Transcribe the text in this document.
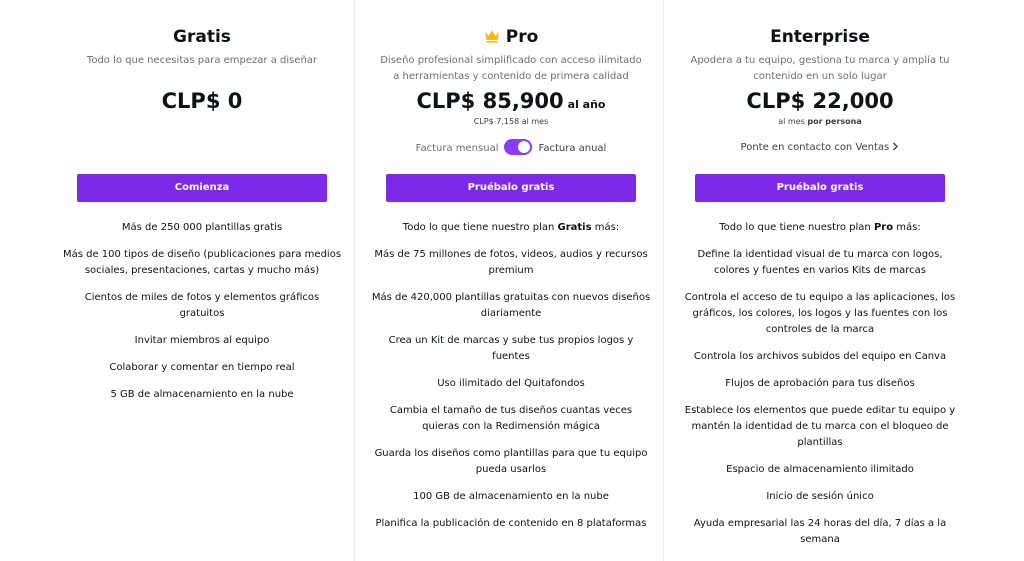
Gratis
Todo lo que necesitas para empezar a diseñar
CLP$ 0
Comienza
Más de 250 000 plantillas gratis
Más de 100 tipos de diseño (publicaciones para medios sociales, presentaciones, cartas y mucho más)
Cientos de miles de fotos y elementos gráficos gratuitos
Invitar miembros al equipo
Colaborar y comentar en tiempo real
5 GB de almacenamiento en la nube
Pro
Diseño profesional simplificado con acceso ilimitado a herramientas y contenido de primera calidad
CLP$ 85,900 al año
CLP$ 7,158 al mes
Factura mensual	Factura anual
Pruébalo gratis
Todo lo que tiene nuestro plan Gratis más:
Más de 75 millones de fotos, videos, audios y recursos premium
Más de 420,000 plantillas gratuitas con nuevos diseños diariamente
Crea un Kit de marcas y sube tus propios logos y fuentes
Uso ilimitado del Quitafondos
Cambia el tamaño de tus diseños cuantas veces quieras con la Redimensión mágica
Guarda los diseños como plantillas para que tu equipo pueda usarlos
100 GB de almacenamiento en la nube
Planifica la publicación de contenido en 8 plataformas
Enterprise
Apodera a tu equipo, gestiona tu marca y amplía tu contenido en un solo lugar
CLP$ 22,000
al mes por persona
Ponte en contacto con Ventas
Pruébalo gratis
Todo lo que tiene nuestro plan Pro más:
Define la identidad visual de tu marca con logos, colores y fuentes en varios Kits de marcas
Controla el acceso de tu equipo a las aplicaciones, los gráficos, los colores, los logos y las fuentes con los controles de la marca
Controla los archivos subidos del equipo en Canva
Flujos de aprobación para tus diseños
Establece los elementos que puede editar tu equipo y mantén la identidad de tu marca con el bloqueo de plantillas
Espacio de almacenamiento ilimitado
Inicio de sesión único
Ayuda empresarial las 24 horas del día, 7 días a la semana
